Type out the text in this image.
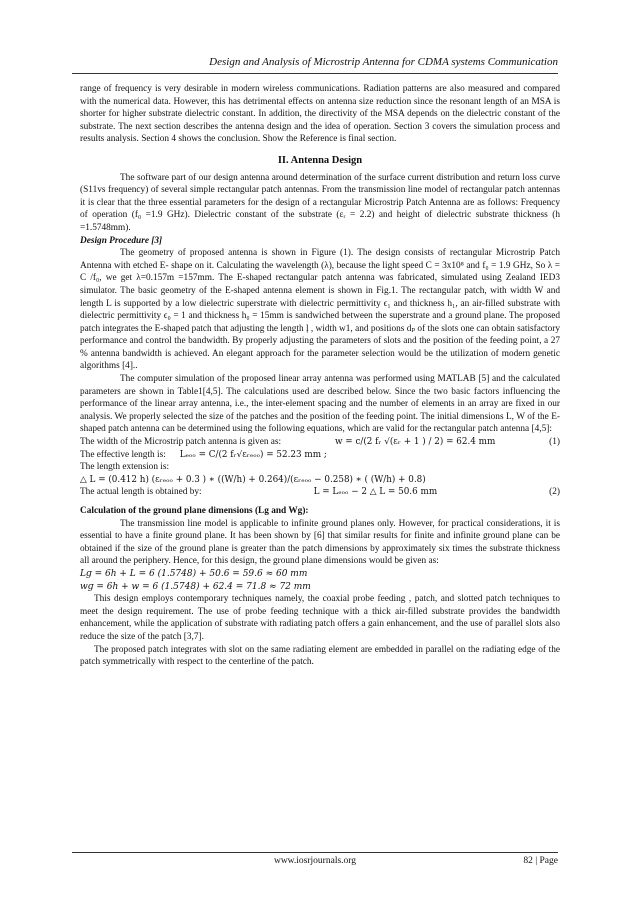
Design and Analysis of Microstrip Antenna for CDMA systems Communication

range of frequency is very desirable in modern wireless communications. Radiation patterns are also measured and compared with the numerical data. However, this has detrimental effects on antenna size reduction since the resonant length of an MSA is shorter for higher substrate dielectric constant. In addition, the directivity of the MSA depends on the dielectric constant of the substrate. The next section describes the antenna design and the idea of operation. Section 3 covers the simulation process and results analysis. Section 4 shows the conclusion. Show the Reference is final section.

II. Antenna Design

The software part of our design antenna around determination of the surface current distribution and return loss curve (S11vs frequency) of several simple rectangular patch antennas. From the transmission line model of rectangular patch antennas it is clear that the three essential parameters for the design of a rectangular Microstrip Patch Antenna are as follows: Frequency of operation (f₀ =1.9 GHz). Dielectric constant of the substrate (εᵣ = 2.2) and height of dielectric substrate thickness (h =1.5748mm).

Design Procedure [3]

The geometry of proposed antenna is shown in Figure (1). The design consists of rectangular Microstrip Patch Antenna with etched E- shape on it. Calculating the wavelength (λ), because the light speed C = 3x10⁸ and f₀ = 1.9 GHz, So λ = C /f₀, we get λ=0.157m =157mm. The E-shaped rectangular patch antenna was fabricated, simulated using Zealand IED3 simulator. The basic geometry of the E-shaped antenna element is shown in Fig.1. The rectangular patch, with width W and length L is supported by a low dielectric superstrate with dielectric permittivity ϵ₁ and thickness h₁, an air-filled substrate with dielectric permittivity ϵ₀ = 1 and thickness h₀ = 15mm is sandwiched between the superstrate and a ground plane. The proposed patch integrates the E-shaped patch that adjusting the length ļ , width w1, and positions dₚ of the slots one can obtain satisfactory performance and control the bandwidth. By properly adjusting the parameters of slots and the position of the feeding point, a 27 % antenna bandwidth is achieved. An elegant approach for the parameter selection would be the utilization of modern genetic algorithms [4]..

The computer simulation of the proposed linear array antenna was performed using MATLAB [5] and the calculated parameters are shown in Table1[4,5]. The calculations used are described below. Since the two basic factors influencing the performance of the linear array antenna, i.e., the inter-element spacing and the number of elements in an array are fixed in our analysis. We properly selected the size of the patches and the position of the feeding point. The initial dimensions L, W of the E-shaped patch antenna can be determined using the following equations, which are valid for the rectangular patch antenna [4,5]:

The width of the Microstrip patch antenna is given as:	w = c/(2 fᵣ √(εᵣ + 1 ) / 2) = 62.4 mm	(1)
The effective length is: Lₑₒₒ = C/(2 fᵣ√εᵣₑₒₒ) = 52.23 mm ;

The length extension is:

△ L = (0.412 h) (εᵣₑₒₒ + 0.3 ) ∗ ((W/h) + 0.264)/(εᵣₑₒₒ − 0.258) ∗ ( (W/h) + 0.8)

The actual length is obtained by:	L = Lₑₒₒ − 2 △ L = 50.6 mm	(2)

Calculation of the ground plane dimensions (Lg and Wg):

The transmission line model is applicable to infinite ground planes only. However, for practical considerations, it is essential to have a finite ground plane. It has been shown by [6] that similar results for finite and infinite ground plane can be obtained if the size of the ground plane is greater than the patch dimensions by approximately six times the substrate thickness all around the periphery. Hence, for this design, the ground plane dimensions would be given as:

Lɡ = 6h + L = 6 (1.5748) + 50.6 = 59.6 ≈ 60 mm

wɡ = 6h + w = 6 (1.5748) + 62.4 = 71.8 ≈ 72 mm

This design employs contemporary techniques namely, the coaxial probe feeding , patch, and slotted patch techniques to meet the design requirement. The use of probe feeding technique with a thick air-filled substrate provides the bandwidth enhancement, while the application of substrate with radiating patch offers a gain enhancement, and the use of parallel slots also reduce the size of the patch [3,7].

The proposed patch integrates with slot on the same radiating element are embedded in parallel on the radiating edge of the patch symmetrically with respect to the centerline of the patch.

www.iosrjournals.org	82 | Page
